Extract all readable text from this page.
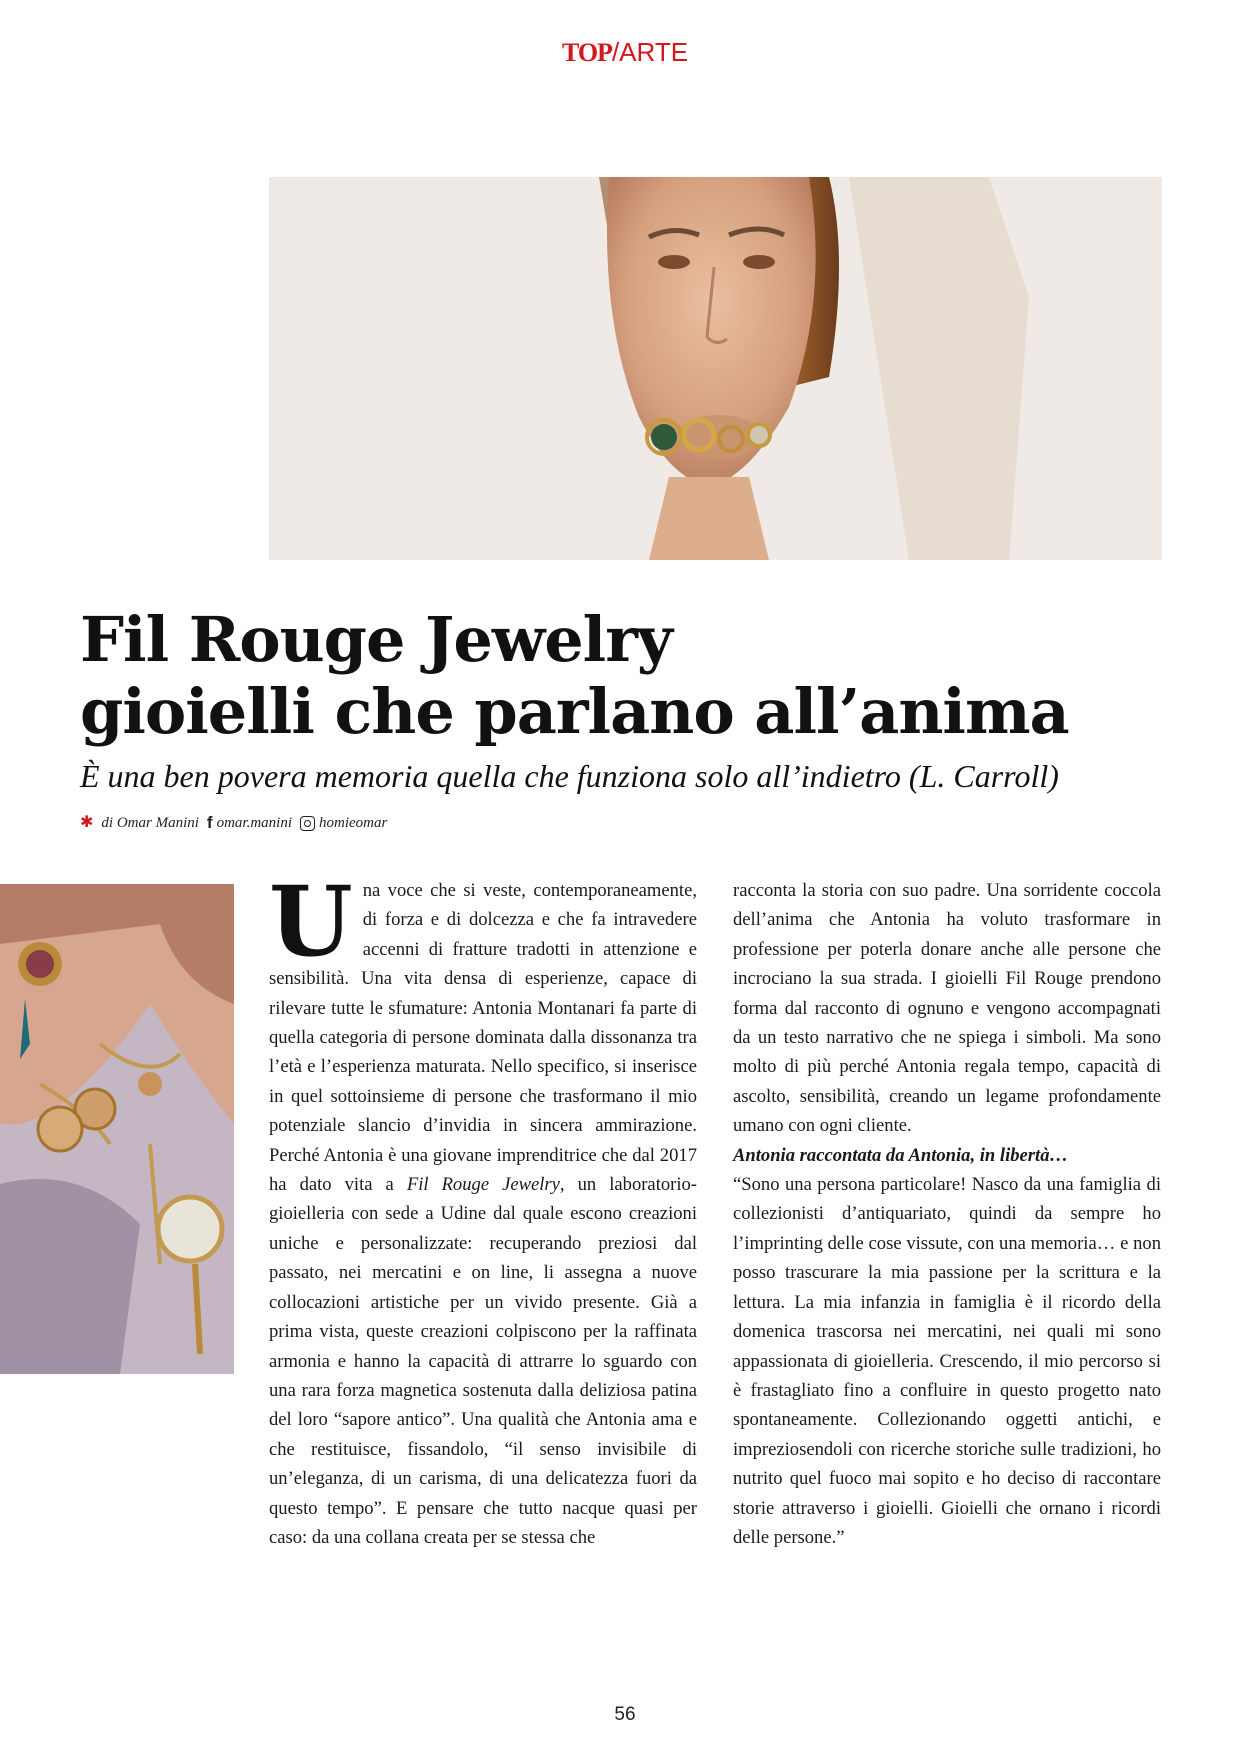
TOP/ARTE
Fil Rouge Jewelry
gioielli che parlano all’anima
È una ben povera memoria quella che funziona solo all’indietro (L. Carroll)
✱ di Omar Manini f omar.manini homieomar

Una voce che si veste, contemporaneamente, di forza e di dolcezza e che fa intravedere accenni di fratture tradotti in attenzione e sensibilità. Una vita densa di esperienze, capace di rilevare tutte le sfumature: Antonia Montanari fa parte di quella categoria di persone dominata dalla dissonanza tra l’età e l’esperienza maturata. Nello specifico, si inserisce in quel sottoinsieme di persone che trasformano il mio potenziale slancio d’invidia in sincera ammirazione. Perché Antonia è una giovane imprenditrice che dal 2017 ha dato vita a Fil Rouge Jewelry, un laboratorio-gioielleria con sede a Udine dal quale escono creazioni uniche e personalizzate: recuperando preziosi dal passato, nei mercatini e on line, li assegna a nuove collocazioni artistiche per un vivido presente. Già a prima vista, queste creazioni colpiscono per la raffinata armonia e hanno la capacità di attrarre lo sguardo con una rara forza magnetica sostenuta dalla deliziosa patina del loro “sapore antico”. Una qualità che Antonia ama e che restituisce, fissandolo, “il senso invisibile di un’eleganza, di un carisma, di una delicatezza fuori da questo tempo”. E pensare che tutto nacque quasi per caso: da una collana creata per se stessa che

racconta la storia con suo padre. Una sorridente coccola dell’anima che Antonia ha voluto trasformare in professione per poterla donare anche alle persone che incrociano la sua strada. I gioielli Fil Rouge prendono forma dal racconto di ognuno e vengono accompagnati da un testo narrativo che ne spiega i simboli. Ma sono molto di più perché Antonia regala tempo, capacità di ascolto, sensibilità, creando un legame profondamente umano con ogni cliente.

Antonia raccontata da Antonia, in libertà…

“Sono una persona particolare! Nasco da una famiglia di collezionisti d’antiquariato, quindi da sempre ho l’imprinting delle cose vissute, con una memoria… e non posso trascurare la mia passione per la scrittura e la lettura. La mia infanzia in famiglia è il ricordo della domenica trascorsa nei mercatini, nei quali mi sono appassionata di gioielleria. Crescendo, il mio percorso si è frastagliato fino a confluire in questo progetto nato spontaneamente. Collezionando oggetti antichi, e impreziosendoli con ricerche storiche sulle tradizioni, ho nutrito quel fuoco mai sopito e ho deciso di raccontare storie attraverso i gioielli. Gioielli che ornano i ricordi delle persone.”

56
